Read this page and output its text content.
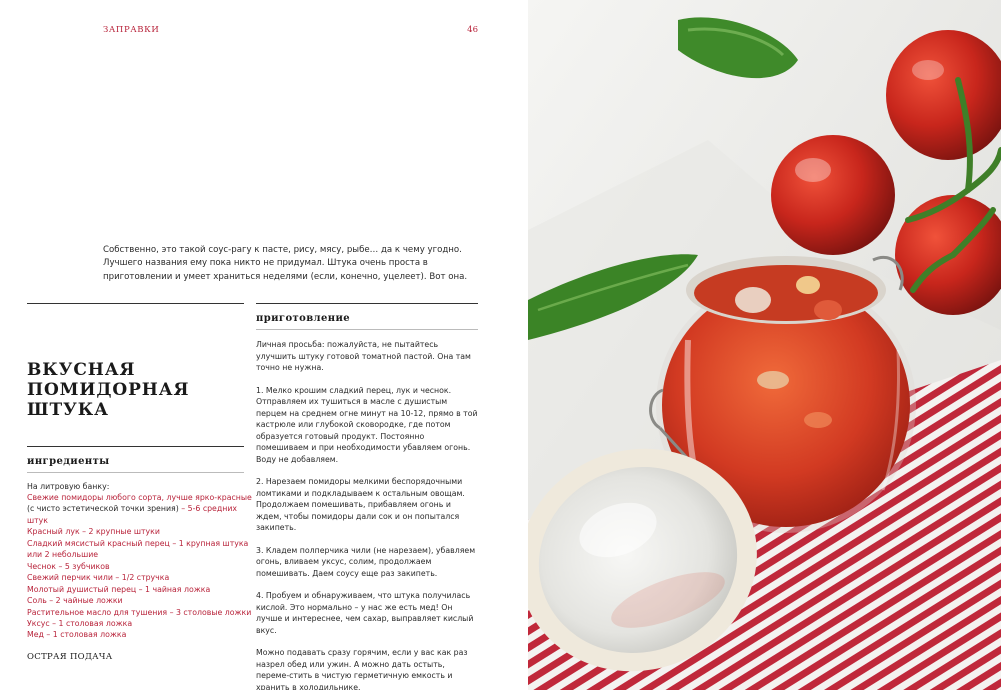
ЗАПРАВКИ	46

Собственно, это такой соус-рагу к пасте, рису, мясу, рыбе… да к чему угодно. Лучшего названия ему пока никто не придумал. Штука очень проста в приготовлении и умеет храниться неделями (если, конечно, уцелеет). Вот она.

ВКУСНАЯ ПОМИДОРНАЯ ШТУКА
ингредиенты
На литровую банку:
Свежие помидоры любого сорта, лучше ярко-красные
(с чисто эстетической точки зрения) – 5-6 средних штук
Красный лук – 2 крупные штуки
Сладкий мясистый красный перец – 1 крупная штука
или 2 небольшие
Чеснок – 5 зубчиков
Свежий перчик чили – 1/2 стручка
Молотый душистый перец – 1 чайная ложка
Соль – 2 чайные ложки
Растительное масло для тушения – 3 столовые ложки
Уксус – 1 столовая ложка
Мед – 1 столовая ложка
приготовление

Личная просьба: пожалуйста, не пытайтесь улучшить штуку готовой томатной пастой. Она там точно не нужна.

1. Мелко крошим сладкий перец, лук и чеснок. Отправляем их тушиться в масле с душистым перцем на среднем огне минут на 10-12, прямо в той кастрюле или глубокой сковородке, где потом образуется готовый продукт. Постоянно помешиваем и при необходимости убавляем огонь. Воду не добавляем.

2. Нарезаем помидоры мелкими беспорядочными ломтиками и подкладываем к остальным овощам. Продолжаем помешивать, прибавляем огонь и ждем, чтобы помидоры дали сок и он попытался закипеть.

3. Кладем полперчика чили (не нарезаем), убавляем огонь, вливаем уксус, солим, продолжаем помешивать. Даем соусу еще раз закипеть.

4. Пробуем и обнаруживаем, что штука получилась кислой. Это нормально – у нас же есть мед! Он лучше и интереснее, чем сахар, выправляет кислый вкус.

Можно подавать сразу горячим, если у вас как раз назрел обед или ужин. А можно дать остыть, переме-стить в чистую герметичную емкость и хранить в холодильнике.

ОСТРАЯ ПОДАЧА
